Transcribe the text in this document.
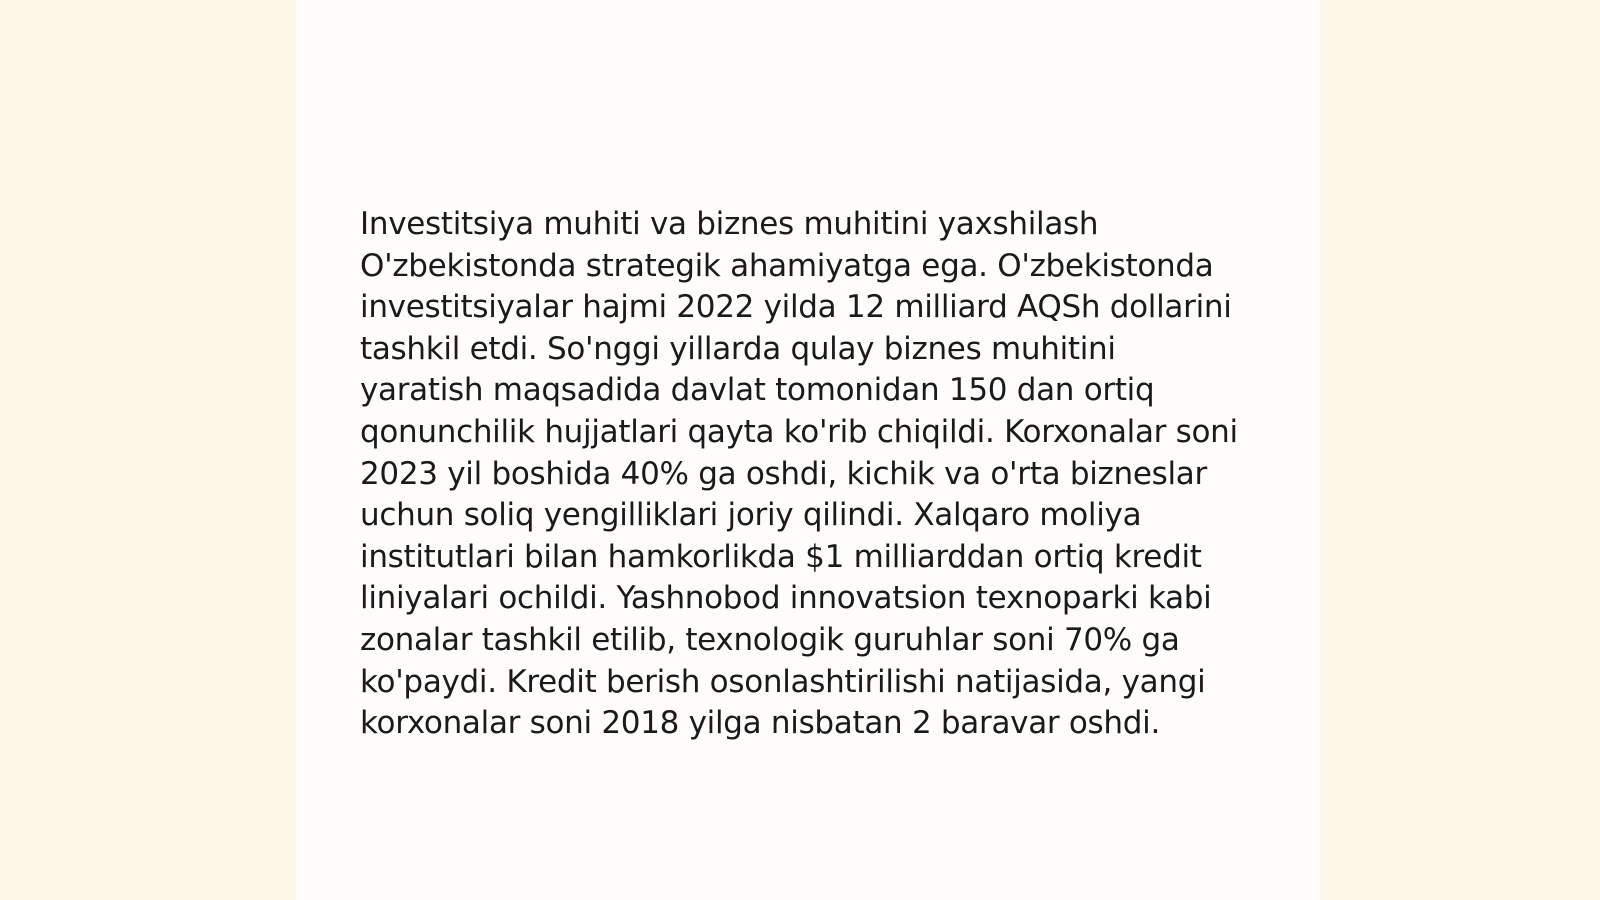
Investitsiya muhiti va biznes muhitini yaxshilash O'zbekistonda strategik ahamiyatga ega. O'zbekistonda investitsiyalar hajmi 2022 yilda 12 milliard AQSh dollarini tashkil etdi. So'nggi yillarda qulay biznes muhitini yaratish maqsadida davlat tomonidan 150 dan ortiq qonunchilik hujjatlari qayta ko'rib chiqildi. Korxonalar soni 2023 yil boshida 40% ga oshdi, kichik va o'rta bizneslar uchun soliq yengilliklari joriy qilindi. Xalqaro moliya institutlari bilan hamkorlikda $1 milliarddan ortiq kredit liniyalari ochildi. Yashnobod innovatsion texnoparki kabi zonalar tashkil etilib, texnologik guruhlar soni 70% ga ko'paydi. Kredit berish osonlashtirilishi natijasida, yangi korxonalar soni 2018 yilga nisbatan 2 baravar oshdi.
